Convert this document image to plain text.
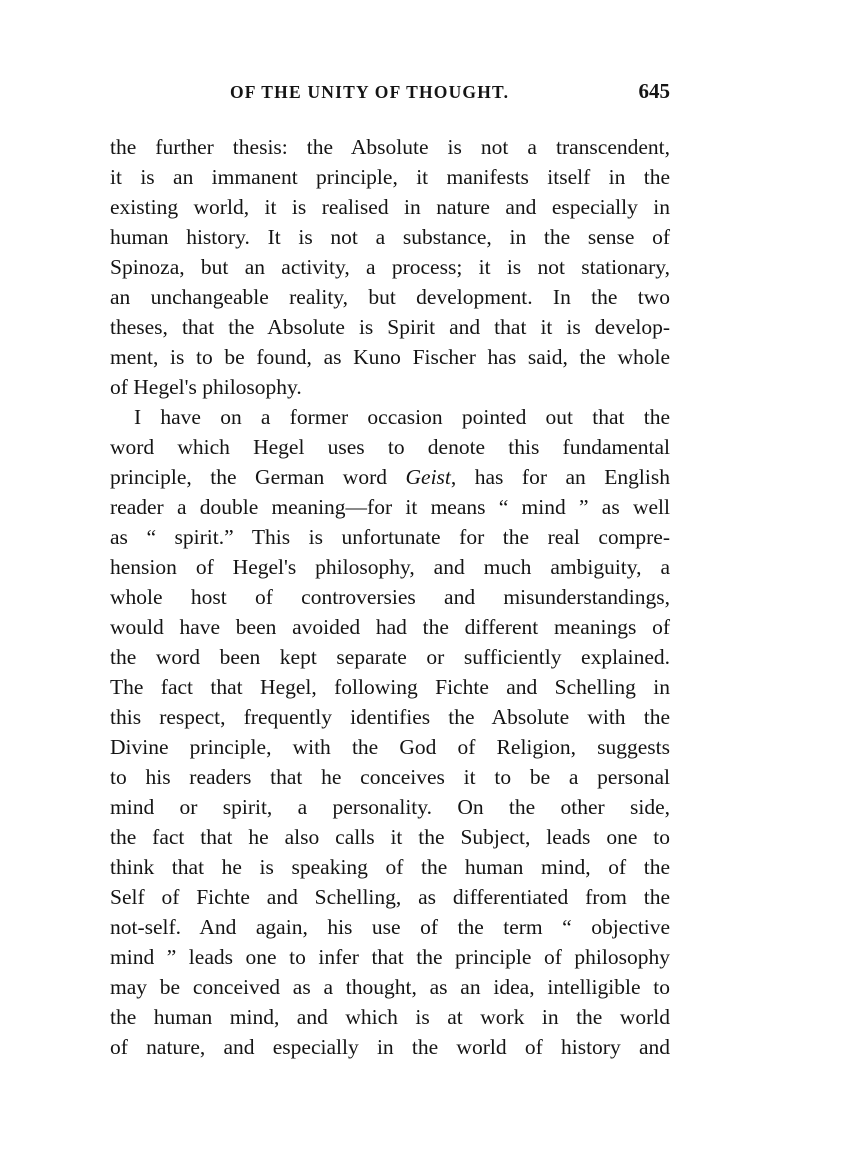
OF THE UNITY OF THOUGHT.	645
the further thesis: the Absolute is not a transcendent,
it is an immanent principle, it manifests itself in the
existing world, it is realised in nature and especially in
human history. It is not a substance, in the sense of
Spinoza, but an activity, a process; it is not stationary,
an unchangeable reality, but development. In the two
theses, that the Absolute is Spirit and that it is develop-
ment, is to be found, as Kuno Fischer has said, the whole
of Hegel's philosophy.
I have on a former occasion pointed out that the
word which Hegel uses to denote this fundamental
principle, the German word Geist, has for an English
reader a double meaning—for it means “ mind ” as well
as “ spirit.” This is unfortunate for the real compre-
hension of Hegel's philosophy, and much ambiguity, a
whole host of controversies and misunderstandings,
would have been avoided had the different meanings of
the word been kept separate or sufficiently explained.
The fact that Hegel, following Fichte and Schelling in
this respect, frequently identifies the Absolute with the
Divine principle, with the God of Religion, suggests
to his readers that he conceives it to be a personal
mind or spirit, a personality. On the other side,
the fact that he also calls it the Subject, leads one to
think that he is speaking of the human mind, of the
Self of Fichte and Schelling, as differentiated from the
not-self. And again, his use of the term “ objective
mind ” leads one to infer that the principle of philosophy
may be conceived as a thought, as an idea, intelligible to
the human mind, and which is at work in the world
of nature, and especially in the world of history and
